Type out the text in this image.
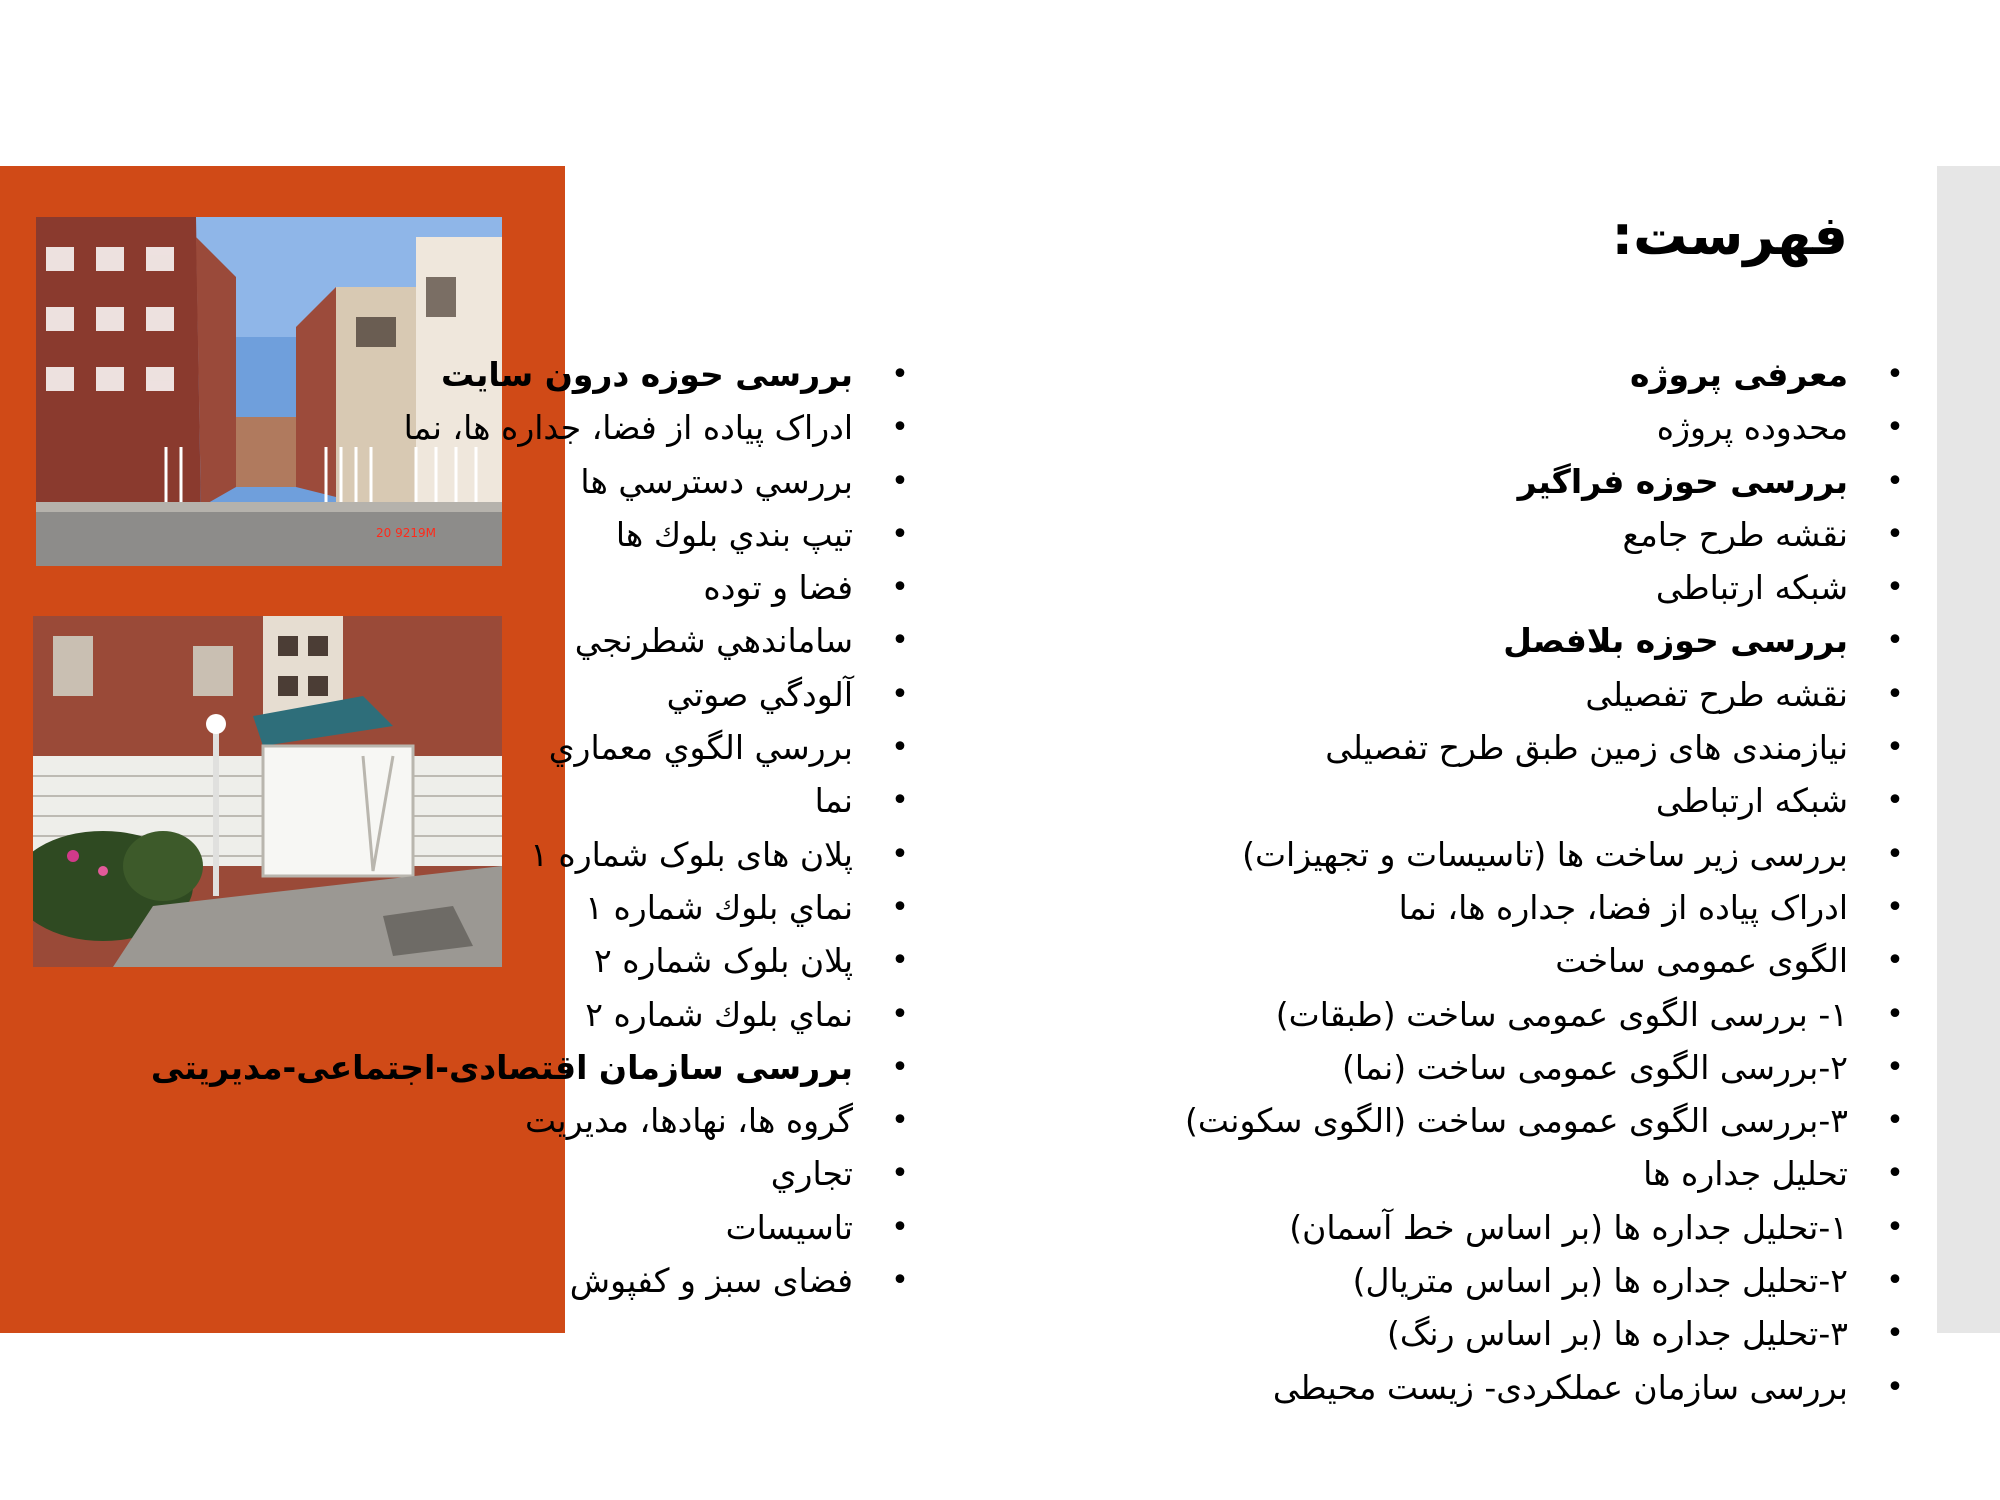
20 9219M
فهرست:
•
معرفی پروژه
•
محدوده پروژه
•
بررسی حوزه فراگیر
•
نقشه طرح جامع
•
شبکه ارتباطی
•
بررسی حوزه بلافصل
•
نقشه طرح تفصیلی
•
نیازمندی های زمین طبق طرح تفصیلی
•
شبکه ارتباطی
•
بررسی زیر ساخت ها (تاسیسات و تجهیزات)
•
ادراک پیاده از فضا، جداره ها، نما
•
الگوی عمومی ساخت
•
۱- بررسی الگوی عمومی ساخت (طبقات)
•
۲-بررسی الگوی عمومی ساخت (نما)
•
۳-بررسی الگوی عمومی ساخت (الگوی سکونت)
•
تحلیل جداره ها
•
۱-تحلیل جداره ها (بر اساس خط آسمان)
•
۲-تحلیل جداره ها (بر اساس متریال)
•
۳-تحلیل جداره ها (بر اساس رنگ)
•
بررسی سازمان عملکردی- زیست محیطی
•
بررسی حوزه درون سایت
•
ادراک پیاده از فضا، جداره ها، نما
•
بررسي دسترسي ها
•
تيپ بندي بلوك ها
•
فضا و توده
•
ساماندهي شطرنجي
•
آلودگي صوتي
•
بررسي الگوي معماري
•
نما
•
پلان های بلوک شماره ۱
•
نماي بلوك شماره ۱
•
پلان بلوک شماره ۲
•
نماي بلوك شماره ۲
•
بررسی سازمان اقتصادی-اجتماعی-مدیریتی
•
گروه ها، نهادها، مدیریت
•
تجاري
•
تاسیسات
•
فضای سبز و کفپوش
